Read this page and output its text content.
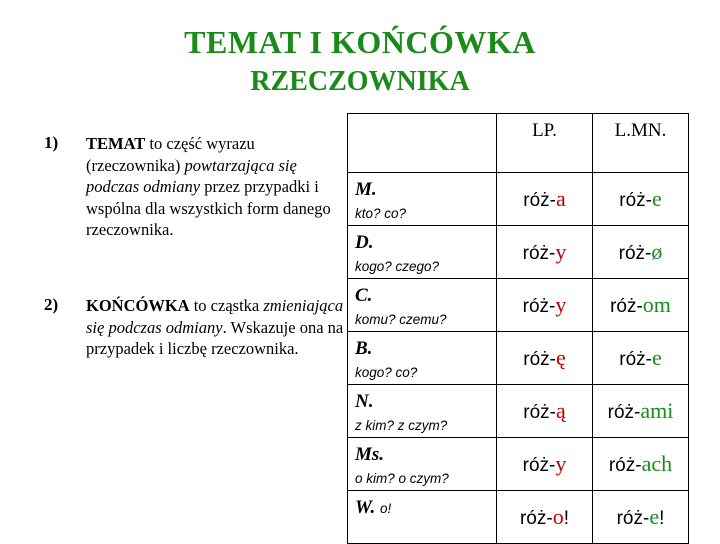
TEMAT I KOŃCÓWKA
RZECZOWNIKA
1) TEMAT to część wyrazu (rzeczownika) powtarzająca się podczas odmiany przez przypadki i wspólna dla wszystkich form danego rzeczownika.
2) KOŃCÓWKA to cząstka zmieniająca się podczas odmiany. Wskazuje ona na przypadek i liczbę rzeczownika.
	LP.	L.MN.

M.
kto? co?	róż-a	róż-e

D.
kogo? czego?	róż-y	róż-ø

C.
komu? czemu?	róż-y	róż-om

B.
kogo? co?	róż-ę	róż-e

N.
z kim? z czym?	róż-ą	róż-ami

Ms.
o kim? o czym?	róż-y	róż-ach

W. o!	róż-o!	róż-e!
